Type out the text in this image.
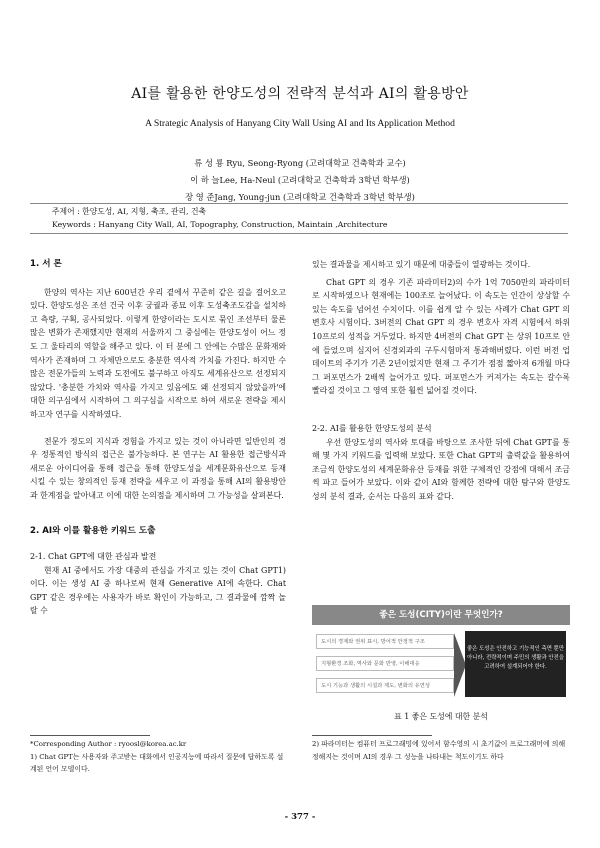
AI를 활용한 한양도성의 전략적 분석과 AI의 활용방안
A Strategic Analysis of Hanyang City Wall Using AI and Its Application Method
류 성 룡 Ryu, Seong-Ryong (고려대학교 건축학과 교수)
이 하 늘Lee, Ha-Neul (고려대학교 건축학과 3학년 학부생)
장 영 준Jang, Young-jun (고려대학교 건축학과 3학년 학부생)
주제어 : 한양도성, AI, 지형, 축조, 관리, 건축
Keywords : Hanyang City Wall, AI, Topography, Construction, Maintain ,Architecture
1. 서 론

한양의 역사는 지난 600년간 우리 곁에서 꾸준히 같은 길을 걸어오고 있다. 한양도성은 조선 건국 이후 궁궐과 종묘 이후 도성축조도감을 설치하고 측량, 구획, 공사되었다. 이렇게 한양이라는 도시로 묶인 조선부터 물론 많은 변화가 존재했지만 현재의 서울까지 그 중심에는 한양도성이 어느 정도 그 울타리의 역할을 해주고 있다. 이 터 분에 그 안에는 수많은 문화재와 역사가 존재하며 그 자체만으로도 충분한 역사적 가치를 가진다. 하지만 수많은 전문가들의 노력과 도전에도 불구하고 아직도 세계유산으로 선정되지 않았다. '충분한 가치와 역사를 가지고 있음에도 왜 선정되지 않았을까'에 대한 의구심에서 시작하여 그 의구심을 시작으로 하여 새로운 전략을 제시하고자 연구를 시작하였다.

전문가 정도의 지식과 경험을 가지고 있는 것이 아니라면 일반인의 경우 정통적인 방식의 접근은 불가능하다. 본 연구는 AI 활용한 접근방식과 새로운 아이디어를 통해 접근을 통해 한양도성을 세계문화유산으로 등재 시킬 수 있는 창의적인 등재 전략을 세우고 이 과정을 통해 AI의 활용방안과 한계점을 알아내고 이에 대한 논의점을 제시하며 그 가능성을 살펴본다.

2. AI와 이를 활용한 키워드 도출
2-1. Chat GPT에 대한 관심과 발전

현재 AI 중에서도 가장 대중의 관심을 가지고 있는 것이 Chat GPT1)이다. 이는 생성 AI 중 하나로써 현재 Generative AI에 속한다. Chat GPT 같은 경우에는 사용자가 바로 확인이 가능하고, 그 결과물에 깜짝 놀랄 수

있는 결과물을 제시하고 있기 때문에 대중들이 열광하는 것이다.

Chat GPT 의 경우 기존 파라미터2)의 수가 1억 7050만의 파라미터로 시작하였으나 현재에는 100조로 늘어났다. 이 속도는 인간이 상상할 수 있는 속도를 넘어선 수치이다. 이를 쉽게 알 수 있는 사례가 Chat GPT 의 변호사 시험이다. 3버전의 Chat GPT 의 경우 변호사 자격 시험에서 하위 10프로의 성적을 거두었다. 하지만 4버전의 Chat GPT 는 상위 10프로 안에 들었으며 심지어 신경외과의 구두시험마저 통과해버렸다. 이런 버전 업데이트의 주기가 기존 2년이었지만 현재 그 주기가 점점 짧아져 6개월 마다 그 퍼포먼스가 2배씩 늘어가고 있다. 퍼포먼스가 커져가는 속도는 갈수록 빨라질 것이고 그 영역 또한 훨씬 넓어질 것이다.

2-2. AI를 활용한 한양도성의 분석

우선 한양도성의 역사와 토대를 바탕으로 조사한 뒤에 Chat GPT를 통해 몇 가지 키워드를 입력해 보았다. 또한 Chat GPT의 출력값을 활용하여 조금씩 한양도성의 세계문화유산 등재를 위한 구체적인 강점에 대해서 조금씩 파고 들어가 보았다. 이와 같이 AI와 함께한 전략에 대한 탐구와 한양도성의 분석 결과, 순서는 다음의 표와 같다.

좋은 도성(CITY)이란 무엇인가?
도시의 경계와 권위 표시, 방어적 안정적 구조
지형환경 조화, 역사와 문화 반영, 이해대응
도시 기능과 생활의 시설과 제도, 변화의 유연성
좋은 도성은 안전하고 기능적인 측면 뿐만 아니라, 전략적이며 주민의 생활과 안전을 고려하여 설계되어야 한다.
표 1 좋은 도성에 대한 분석
*Corresponding Author : ryoosl@korea.ac.kr
1) Chat GPT는 사용자와 주고받는 대화에서 인공지능에 따라서 질문에 답하도록 설계된 언어 모델이다.
2) 파라미터는 컴퓨터 프로그래밍에 있어서 함수영의 시 초기값이 프로그래머에 의해 정해지는 것이며 AI의 경우 그 성능을 나타내는 척도이기도 하다
- 377 -
